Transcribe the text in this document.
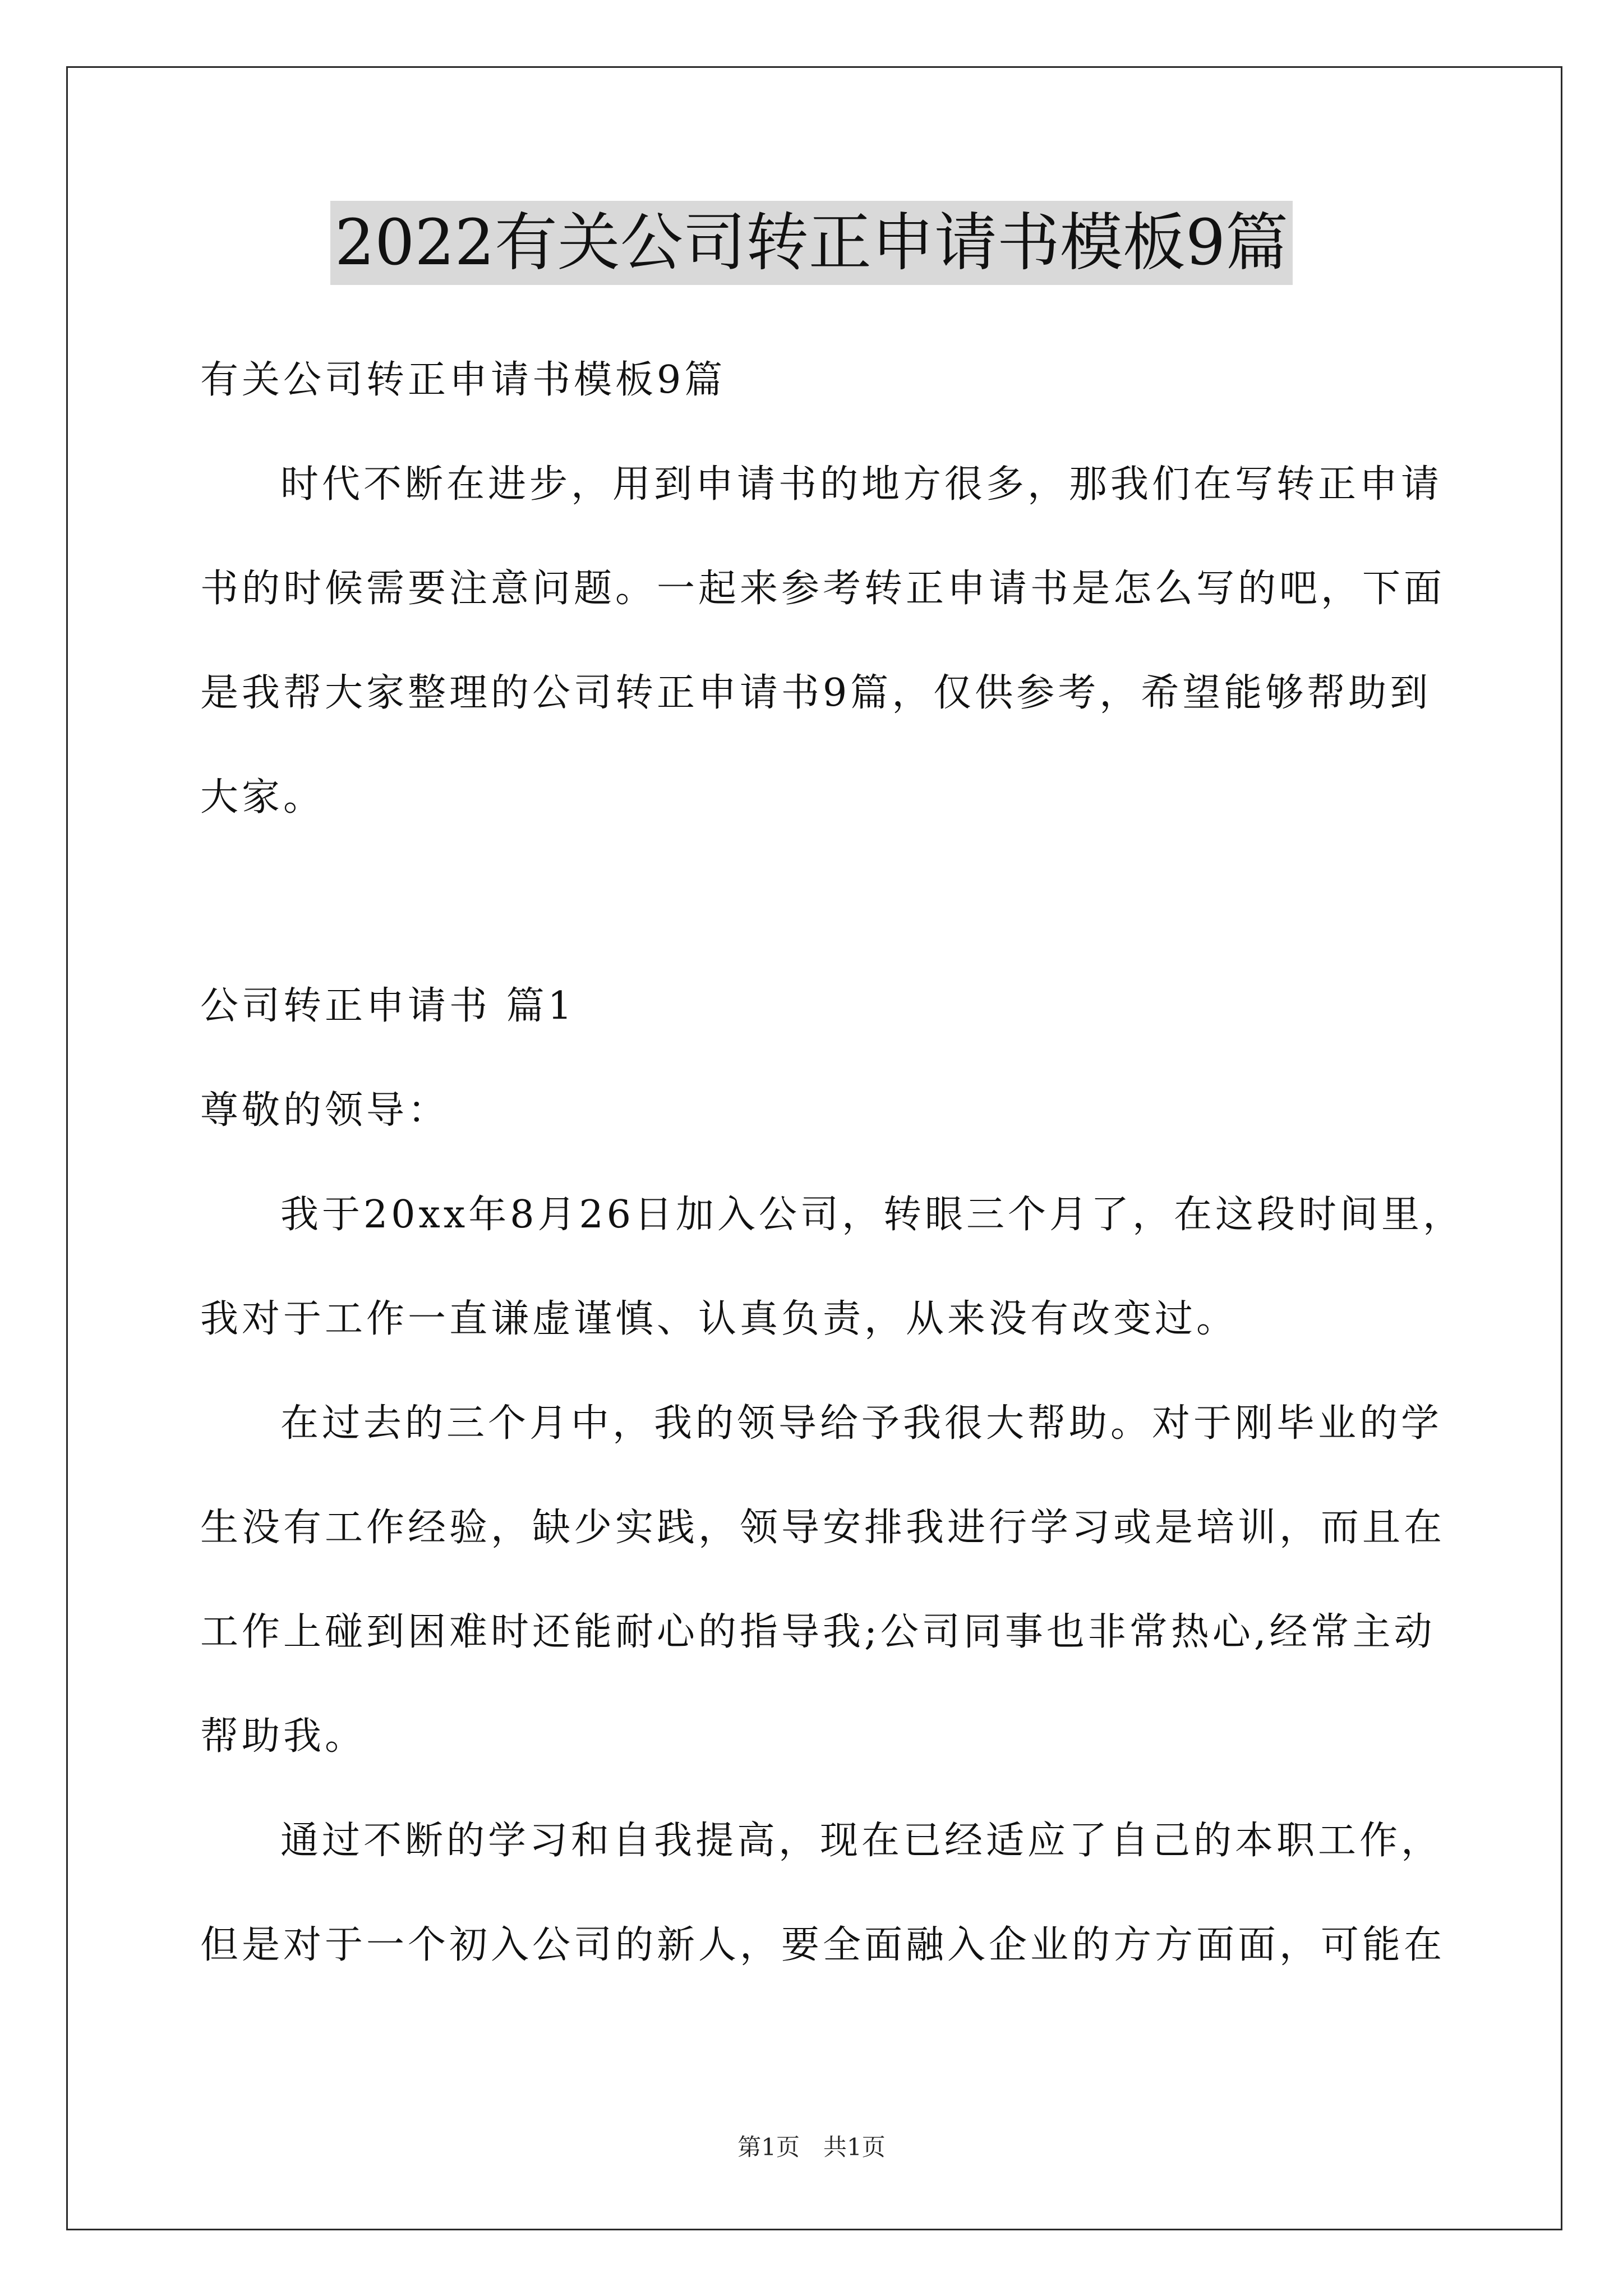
2022有关公司转正申请书模板9篇
有关公司转正申请书模板9篇
时代不断在进步，用到申请书的地方很多，那我们在写转正申请
书的时候需要注意问题。一起来参考转正申请书是怎么写的吧，下面
是我帮大家整理的公司转正申请书9篇，仅供参考，希望能够帮助到
大家。
公司转正申请书 篇1
尊敬的领导：
我于20xx年8月26日加入公司，转眼三个月了，在这段时间里，
我对于工作一直谦虚谨慎、认真负责，从来没有改变过。
在过去的三个月中，我的领导给予我很大帮助。对于刚毕业的学
生没有工作经验，缺少实践，领导安排我进行学习或是培训，而且在
工作上碰到困难时还能耐心的指导我;公司同事也非常热心,经常主动
帮助我。
通过不断的学习和自我提高，现在已经适应了自己的本职工作，
但是对于一个初入公司的新人，要全面融入企业的方方面面，可能在
第1页　共1页
